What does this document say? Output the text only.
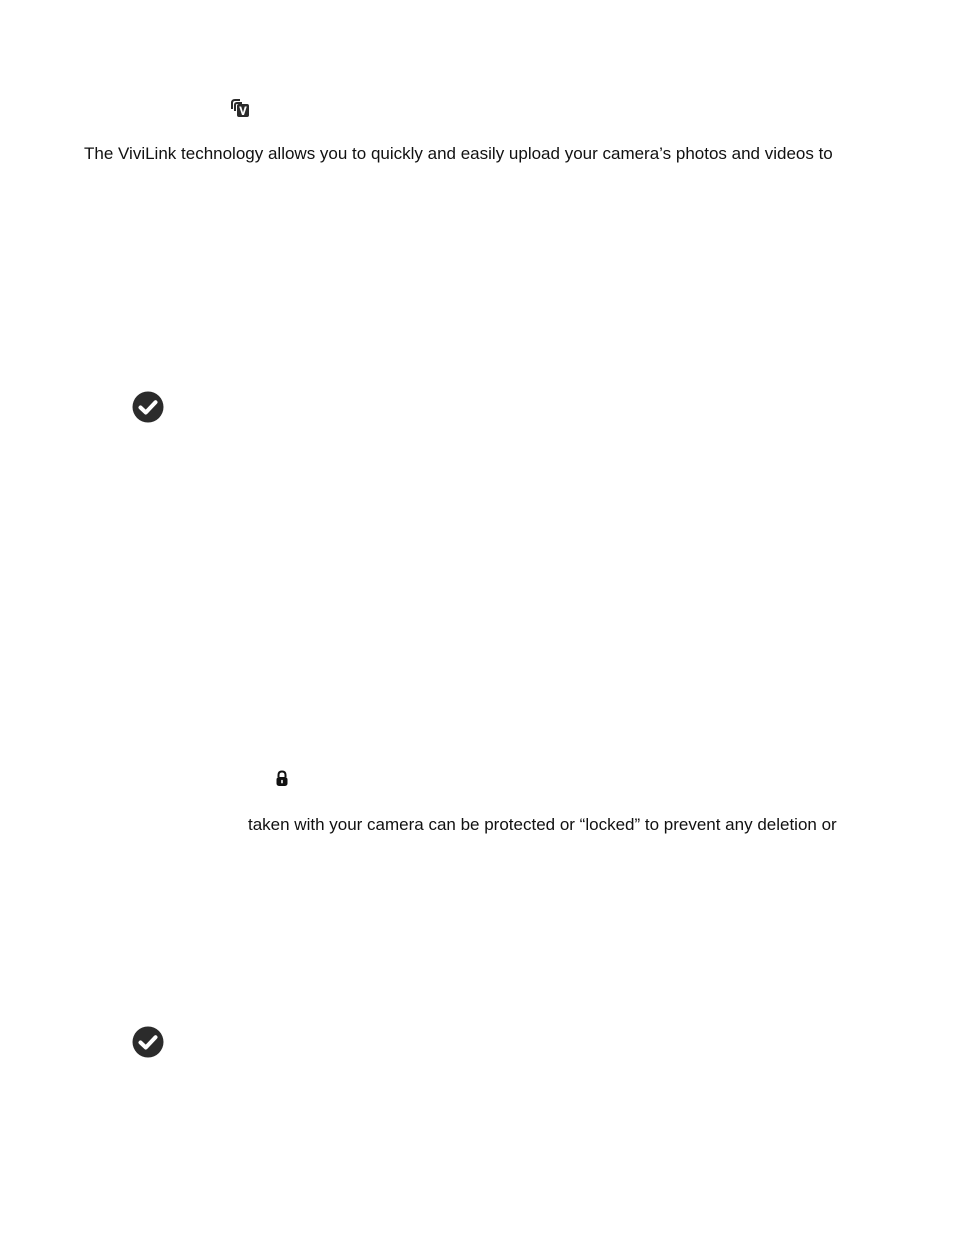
The ViviLink technology allows you to quickly and easily upload your camera’s photos and videos to
taken with your camera can be protected or “locked” to prevent any deletion or
